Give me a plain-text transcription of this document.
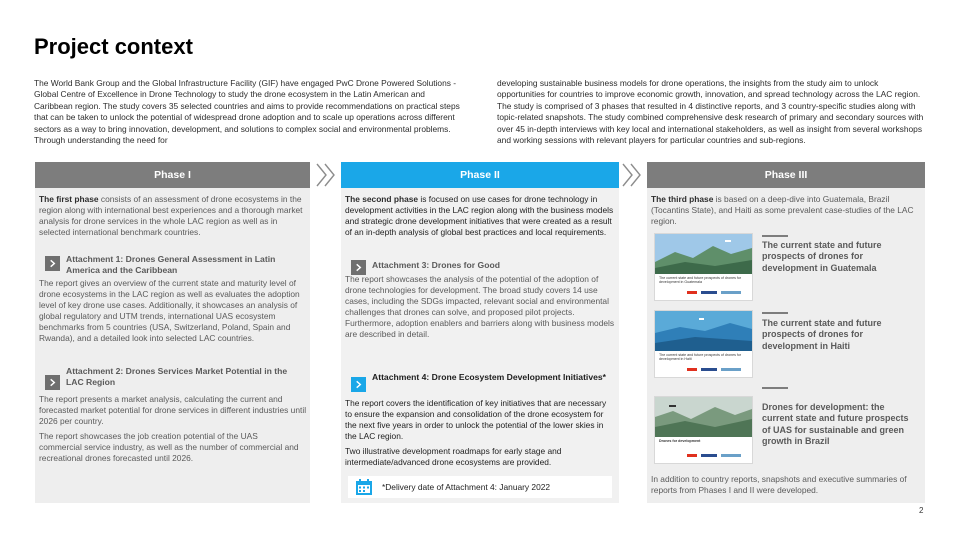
Project context

The World Bank Group and the Global Infrastructure Facility (GIF) have engaged PwC Drone Powered Solutions - Global Centre of Excellence in Drone Technology to study the drone ecosystem in the Latin American and Caribbean region. The study covers 35 selected countries and aims to provide recommendations on practical steps that can be taken to unlock the potential of widespread drone adoption and to scale up operations across different sectors as a way to bring innovation, development, and solutions to complex social and environmental problems. Through understanding the need for

developing sustainable business models for drone operations, the insights from the study aim to unlock opportunities for countries to improve economic growth, innovation, and spread technology across the LAC region. The study is comprised of 3 phases that resulted in 4 distinctive reports, and 3 country-specific studies along with topic-related snapshots. The study combined comprehensive desk research of primary and secondary sources with over 45 in-depth interviews with key local and international stakeholders, as well as insight from several workshops and working sessions with relevant players for particular countries and sub-regions.

Phase I

The first phase consists of an assessment of drone ecosystems in the region along with international best experiences and a thorough market analysis for drone services in the whole LAC region as well as in selected international benchmark countries.

Attachment 1: Drones General Assessment in Latin America and the Caribbean

The report gives an overview of the current state and maturity level of drone ecosystems in the LAC region as well as evaluates the adoption level of key drone use cases. Additionally, it showcases an analysis of global regulatory and UTM trends, international UAS ecosystem benchmarks from 5 countries (USA, Switzerland, Poland, Spain and Rwanda), and a detailed look into selected LAC countries.

Attachment 2: Drones Services Market Potential in the LAC Region

The report presents a market analysis, calculating the current and forecasted market potential for drone services in different industries until 2026 per country.

The report showcases the job creation potential of the UAS commercial service industry, as well as the number of commercial and recreational drones forecasted until 2026.

Phase II

The second phase is focused on use cases for drone technology in development activities in the LAC region along with the business models and strategic drone development initiatives that were created as a result of an in-depth analysis of global best practices and local requirements.

Attachment 3: Drones for Good

The report showcases the analysis of the potential of the adoption of drone technologies for development. The broad study covers 14 use cases, including the SDGs impacted, relevant social and environmental challenges that drones can solve, and proposed pilot projects. Furthermore, adoption enablers and barriers along with business models are described in detail.

Attachment 4: Drone Ecosystem Development Initiatives*

The report covers the identification of key initiatives that are necessary to ensure the expansion and consolidation of the drone ecosystem for the next five years in order to unlock the potential of the lower skies in the LAC region.

Two illustrative development roadmaps for early stage and intermediate/advanced drone ecosystems are provided.

*Delivery date of Attachment 4: January 2022
Phase III

The third phase is based on a deep-dive into Guatemala, Brazil (Tocantins State), and Haiti as some prevalent case-studies of the LAC region.

The current state and future prospects of drones for development in Guatemala

The current state and future prospects of drones for development in Guatemala

The current state and future prospects of drones for development in Haiti

The current state and future prospects of drones for development in Haiti

Drones for development

Drones for development: the current state and future prospects of UAS for sustainable and green growth in Brazil

In addition to country reports, snapshots and executive summaries of reports from Phases I and II were developed.

2
